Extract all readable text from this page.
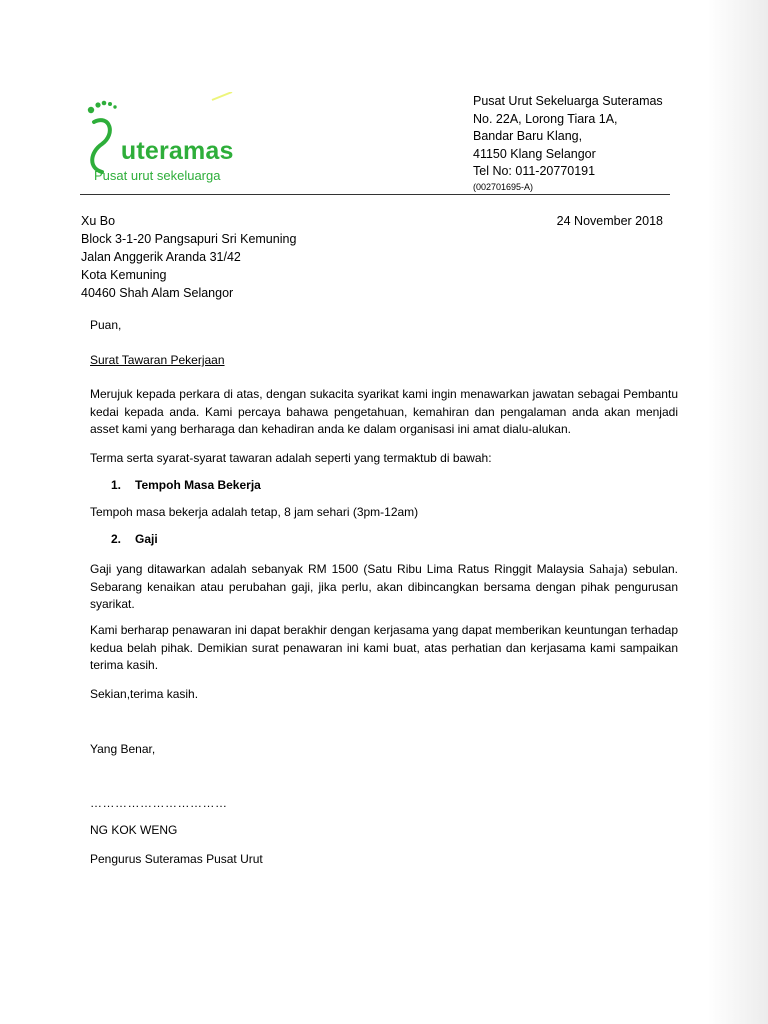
uteramas
Pusat urut sekeluarga
Pusat Urut Sekeluarga Suteramas
No. 22A, Lorong Tiara 1A,
Bandar Baru Klang,
41150 Klang Selangor
Tel No: 011-20770191
(002701695-A)
Xu Bo
Block 3-1-20 Pangsapuri Sri Kemuning
Jalan Anggerik Aranda 31/42
Kota Kemuning
40460 Shah Alam Selangor
24 November 2018
Puan,
Surat Tawaran Pekerjaan
Merujuk kepada perkara di atas, dengan sukacita syarikat kami ingin menawarkan jawatan sebagai Pembantu kedai kepada anda. Kami percaya bahawa pengetahuan, kemahiran dan pengalaman anda akan menjadi asset kami yang berharaga dan kehadiran anda ke dalam organisasi ini amat dialu-alukan.
Terma serta syarat-syarat tawaran adalah seperti yang termaktub di bawah:
1. Tempoh Masa Bekerja
Tempoh masa bekerja adalah tetap, 8 jam sehari (3pm-12am)
2. Gaji
Gaji yang ditawarkan adalah sebanyak RM 1500 (Satu Ribu Lima Ratus Ringgit Malaysia Sahaja) sebulan. Sebarang kenaikan atau perubahan gaji, jika perlu, akan dibincangkan bersama dengan pihak pengurusan syarikat.
Kami berharap penawaran ini dapat berakhir dengan kerjasama yang dapat memberikan keuntungan terhadap kedua belah pihak. Demikian surat penawaran ini kami buat, atas perhatian dan kerjasama kami sampaikan terima kasih.
Sekian,terima kasih.
Yang Benar,
……………………………
NG KOK WENG
Pengurus Suteramas Pusat Urut
